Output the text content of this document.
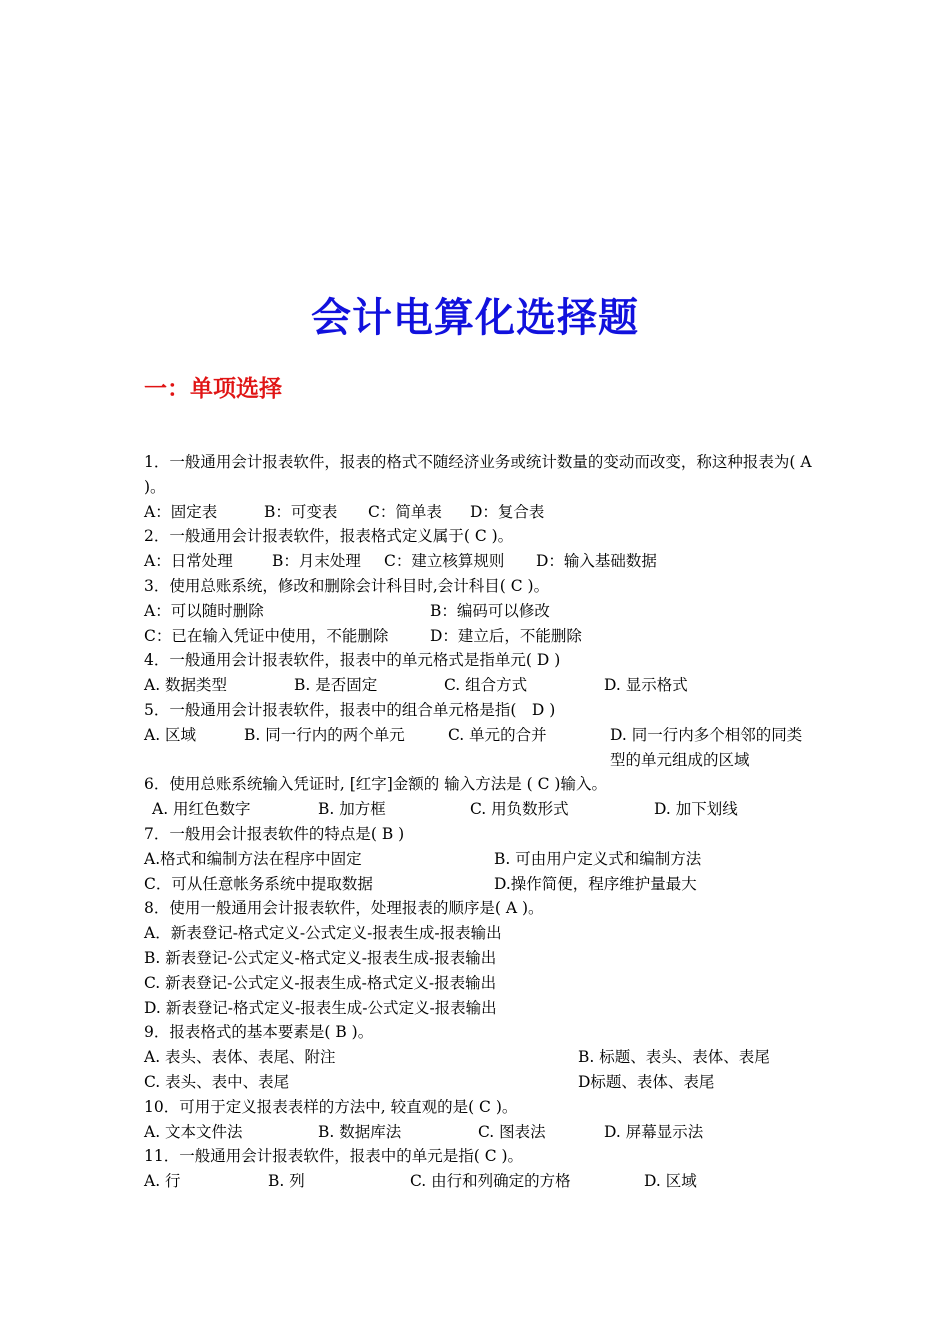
会计电算化选择题
一：单项选择
1．一般通用会计报表软件，报表的格式不随经济业务或统计数量的变动而改变，称这种报表为( A )。
A：固定表	B：可变表 C：简单表 D：复合表
2．一般通用会计报表软件，报表格式定义属于( C )。
A：日常处理	B：月末处理 C：建立核算规则 D：输入基础数据
3．使用总账系统，修改和删除会计科目时,会计科目( C )。
A：可以随时删除	B：编码可以修改
C：已在输入凭证中使用，不能删除	D：建立后，不能删除
4．一般通用会计报表软件，报表中的单元格式是指单元( D )
A. 数据类型	B. 是否固定	C. 组合方式	D. 显示格式
5．一般通用会计报表软件，报表中的组合单元格是指(　D )
A. 区域	B. 同一行内的两个单元	C. 单元的合并	D. 同一行内多个相邻的同类型的单元组成的区域
6．使用总账系统输入凭证时, [红字]金额的 输入方法是 ( C )输入。
A. 用红色数字	B. 加方框	C. 用负数形式	D. 加下划线
7．一般用会计报表软件的特点是( B )
A.格式和编制方法在程序中固定	B. 可由用户定义式和编制方法
C．可从任意帐务系统中提取数据	D.操作简便，程序维护量最大
8．使用一般通用会计报表软件，处理报表的顺序是( A )。
A．新表登记-格式定义-公式定义-报表生成-报表输出
B. 新表登记-公式定义-格式定义-报表生成-报表输出
C. 新表登记-公式定义-报表生成-格式定义-报表输出
D. 新表登记-格式定义-报表生成-公式定义-报表输出
9．报表格式的基本要素是( B )。
A. 表头、表体、表尾、附注	B. 标题、表头、表体、表尾
C. 表头、表中、表尾	D标题、表体、表尾
10．可用于定义报表表样的方法中, 较直观的是( C )。
A. 文本文件法	B. 数据库法	C. 图表法	D. 屏幕显示法
11．一般通用会计报表软件，报表中的单元是指( C )。
A. 行	B. 列	C. 由行和列确定的方格	D. 区域
